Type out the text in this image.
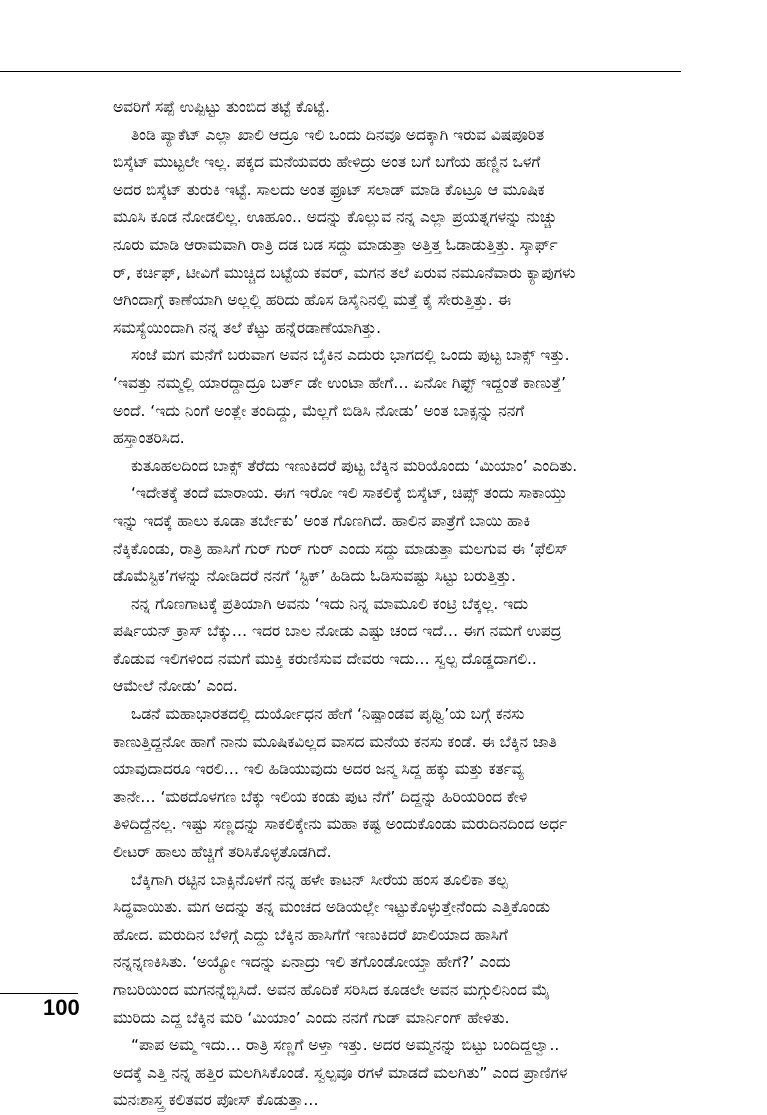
ಅವರಿಗೆ ಸಪ್ಪೆ ಉಪ್ಪಿಟ್ಟು ತುಂಬಿದ ತಟ್ಟೆ ಕೊಟ್ಟೆ.
ತಿಂಡಿ ಪ್ಯಾಕೆಟ್ ಎಲ್ಲಾ ಖಾಲಿ ಆದ್ರೂ ಇಲಿ ಒಂದು ದಿನವೂ ಅದಕ್ಕಾಗಿ ಇರುವ ವಿಷಪೂರಿತ
ಬಿಸ್ಕೆಟ್ ಮುಟ್ಟಲೇ ಇಲ್ಲ. ಪಕ್ಕದ ಮನೆಯವರು ಹೇಳಿದ್ರು ಅಂತ ಬಗೆ ಬಗೆಯ ಹಣ್ಣಿನ ಒಳಗೆ
ಅದರ ಬಿಸ್ಕೆಟ್ ತುರುಕಿ ಇಟ್ಟೆ. ಸಾಲದು ಅಂತ ಫ್ರೂಟ್ ಸಲಾಡ್ ಮಾಡಿ ಕೊಟ್ರೂ ಆ ಮೂಷಿಕ
ಮೂಸಿ ಕೂಡ ನೋಡಲಿಲ್ಲ. ಊಹೂಂ.. ಅದನ್ನು ಕೊಲ್ಲುವ ನನ್ನ ಎಲ್ಲಾ ಪ್ರಯತ್ನಗಳನ್ನು ನುಚ್ಚು
ನೂರು ಮಾಡಿ ಆರಾಮವಾಗಿ ರಾತ್ರಿ ದಡ ಬಡ ಸದ್ದು ಮಾಡುತ್ತಾ ಅತ್ತಿತ್ತ ಓಡಾಡುತ್ತಿತ್ತು. ಸ್ಕಾರ್ಫ್
ರ್, ಕರ್ಚಿಫ್, ಟೀವಿಗೆ ಮುಚ್ಚಿದ ಬಟ್ಟೆಯ ಕವರ್, ಮಗನ ತಲೆ ಏರುವ ನಮೂನೆವಾರು ಕ್ಯಾಪುಗಳು
ಆಗಿಂದಾಗ್ಗೆ ಕಾಣೆಯಾಗಿ ಅಲ್ಲಲ್ಲಿ ಹರಿದು ಹೊಸ ಡಿಸೈನಿನಲ್ಲಿ ಮತ್ತೆ ಕೈ ಸೇರುತ್ತಿತ್ತು. ಈ
ಸಮಸ್ಯೆಯಿಂದಾಗಿ ನನ್ನ ತಲೆ ಕೆಟ್ಟು ಹನ್ನೆರಡಾಣೆಯಾಗಿತ್ತು.
ಸಂಜೆ ಮಗ ಮನೆಗೆ ಬರುವಾಗ ಅವನ ಬೈಕಿನ ಎದುರು ಭಾಗದಲ್ಲಿ ಒಂದು ಪುಟ್ಟ ಬಾಕ್ಸ್ ಇತ್ತು.
‘ಇವತ್ತು ನಮ್ಮಲ್ಲಿ ಯಾರದ್ದಾದ್ರೂ ಬರ್ತ್ ಡೇ ಉಂಟಾ ಹೇಗೆ… ಏನೋ ಗಿಫ್ಟ್ ಇದ್ದಂತೆ ಕಾಣುತ್ತೆ’
ಅಂದೆ. ‘ಇದು ನಿಂಗೆ ಅಂತ್ಲೇ ತಂದಿದ್ದು, ಮೆಲ್ಲಗೆ ಬಿಡಿಸಿ ನೋಡು’ ಅಂತ ಬಾಕ್ಸನ್ನು ನನಗೆ
ಹಸ್ತಾಂತರಿಸಿದ.
ಕುತೂಹಲದಿಂದ ಬಾಕ್ಸ್ ತೆರೆದು ಇಣುಕಿದರೆ ಪುಟ್ಟ ಬೆಕ್ಕಿನ ಮರಿಯೊಂದು ‘ಮಿಯಾಂ’ ಎಂದಿತು.
‘ಇದೇತಕ್ಕೆ ತಂದೆ ಮಾರಾಯ. ಈಗ ಇರೋ ಇಲಿ ಸಾಕಲಿಕ್ಕೆ ಬಿಸ್ಕೆಟ್, ಚಿಪ್ಸ್ ತಂದು ಸಾಕಾಯ್ತು
ಇನ್ನು ಇದಕ್ಕೆ ಹಾಲು ಕೂಡಾ ತರ್ಬೇಕು’ ಅಂತ ಗೊಣಗಿದೆ. ಹಾಲಿನ ಪಾತ್ರೆಗೆ ಬಾಯಿ ಹಾಕಿ
ನೆಕ್ಕಿಕೊಂಡು, ರಾತ್ರಿ ಹಾಸಿಗೆ ಗುರ್ ಗುರ್ ಗುರ್ ಎಂದು ಸದ್ದು ಮಾಡುತ್ತಾ ಮಲಗುವ ಈ ‘ಫೆಲಿಸ್
ಡೊಮೆಸ್ಟಿಕ’ಗಳನ್ನು ನೋಡಿದರೆ ನನಗೆ ‘ಸ್ಟಿಕ್’ ಹಿಡಿದು ಓಡಿಸುವಷ್ಟು ಸಿಟ್ಟು ಬರುತ್ತಿತ್ತು.
ನನ್ನ ಗೊಣಗಾಟಕ್ಕೆ ಪ್ರತಿಯಾಗಿ ಅವನು ‘ಇದು ನಿನ್ನ ಮಾಮೂಲಿ ಕಂಟ್ರಿ ಬೆಕ್ಕಲ್ಲ. ಇದು
ಪರ್ಷಿಯನ್ ಕ್ರಾಸ್ ಬೆಕ್ಕು… ಇದರ ಬಾಲ ನೋಡು ಎಷ್ಟು ಚಂದ ಇದೆ… ಈಗ ನಮಗೆ ಉಪದ್ರ
ಕೊಡುವ ಇಲಿಗಳಿಂದ ನಮಗೆ ಮುಕ್ತಿ ಕರುಣಿಸುವ ದೇವರು ಇದು… ಸ್ವಲ್ಪ ದೊಡ್ಡದಾಗಲಿ..
ಆಮೇಲೆ ನೋಡು’ ಎಂದ.
ಒಡನೆ ಮಹಾಭಾರತದಲ್ಲಿ ದುರ್ಯೋಧನ ಹೇಗೆ ‘ನಿಷ್ಪಾಂಡವ ಪೃಥ್ವಿ’ಯ ಬಗ್ಗೆ ಕನಸು
ಕಾಣುತ್ತಿದ್ದನೋ ಹಾಗೆ ನಾನು ಮೂಷಿಕವಿಲ್ಲದ ವಾಸದ ಮನೆಯ ಕನಸು ಕಂಡೆ. ಈ ಬೆಕ್ಕಿನ ಜಾತಿ
ಯಾವುದಾದರೂ ಇರಲಿ… ಇಲಿ ಹಿಡಿಯುವುದು ಅದರ ಜನ್ಮ ಸಿದ್ದ ಹಕ್ಕು ಮತ್ತು ಕರ್ತವ್ಯ
ತಾನೇ… ‘ಮಠದೊಳಗಣ ಬೆಕ್ಕು ಇಲಿಯ ಕಂಡು ಪುಟ ನೆಗೆ’ ದಿದ್ದನ್ನು ಹಿರಿಯರಿಂದ ಕೇಳಿ
ತಿಳಿದಿದ್ದೆನಲ್ಲ. ಇಷ್ಟು ಸಣ್ಣದನ್ನು ಸಾಕಲಿಕ್ಕೇನು ಮಹಾ ಕಷ್ಟ ಅಂದುಕೊಂಡು ಮರುದಿನದಿಂದ ಅರ್ಧ
ಲೀಟರ್ ಹಾಲು ಹೆಚ್ಚಿಗೆ ತರಿಸಿಕೊಳ್ಳತೊಡಗಿದೆ.
ಬೆಕ್ಕಿಗಾಗಿ ರಟ್ಟಿನ ಬಾಕ್ಸಿನೊಳಗೆ ನನ್ನ ಹಳೇ ಕಾಟನ್ ಸೀರೆಯ ಹಂಸ ತೂಲಿಕಾ ತಲ್ಪ
ಸಿದ್ಧವಾಯಿತು. ಮಗ ಅದನ್ನು ತನ್ನ ಮಂಚದ ಅಡಿಯಲ್ಲೇ ಇಟ್ಟುಕೊಳ್ಳುತ್ತೇನೆಂದು ಎತ್ತಿಕೊಂಡು
ಹೋದ. ಮರುದಿನ ಬೆಳಿಗ್ಗೆ ಎದ್ದು ಬೆಕ್ಕಿನ ಹಾಸಿಗೆಗೆ ಇಣುಕಿದರೆ ಖಾಲಿಯಾದ ಹಾಸಿಗೆ
ನನ್ನನ್ನಣಕಿಸಿತು. ‘ಅಯ್ಯೋ ಇದನ್ನು ಏನಾದ್ರು ಇಲಿ ತಗೊಂಡೋಯ್ತಾ ಹೇಗೆ?’ ಎಂದು
ಗಾಬರಿಯಿಂದ ಮಗನನ್ನೆಬ್ಬಿಸಿದೆ. ಅವನ ಹೊದಿಕೆ ಸರಿಸಿದ ಕೂಡಲೇ ಅವನ ಮಗ್ಗುಲಿನಿಂದ ಮೈ
ಮುರಿದು ಎದ್ದ ಬೆಕ್ಕಿನ ಮರಿ ‘ಮಿಯಾಂ’ ಎಂದು ನನಗೆ ಗುಡ್ ಮಾರ್ನಿಂಗ್ ಹೇಳಿತು.
“ಪಾಪ ಅಮ್ಮ ಇದು… ರಾತ್ರಿ ಸಣ್ಣಗೆ ಅಳ್ತಾ ಇತ್ತು. ಅದರ ಅಮ್ಮನನ್ನು ಬಿಟ್ಟು ಬಂದಿದ್ದಲ್ವಾ..
ಅದಕ್ಕೆ ಎತ್ತಿ ನನ್ನ ಹತ್ತಿರ ಮಲಗಿಸಿಕೊಂಡೆ. ಸ್ವಲ್ಪವೂ ರಗಳೆ ಮಾಡದೆ ಮಲಗಿತು” ಎಂದ ಪ್ರಾಣಿಗಳ
ಮನಃಶಾಸ್ತ್ರ ಕಲಿತವರ ಪೋಸ್ ಕೊಡುತ್ತಾ…
100
